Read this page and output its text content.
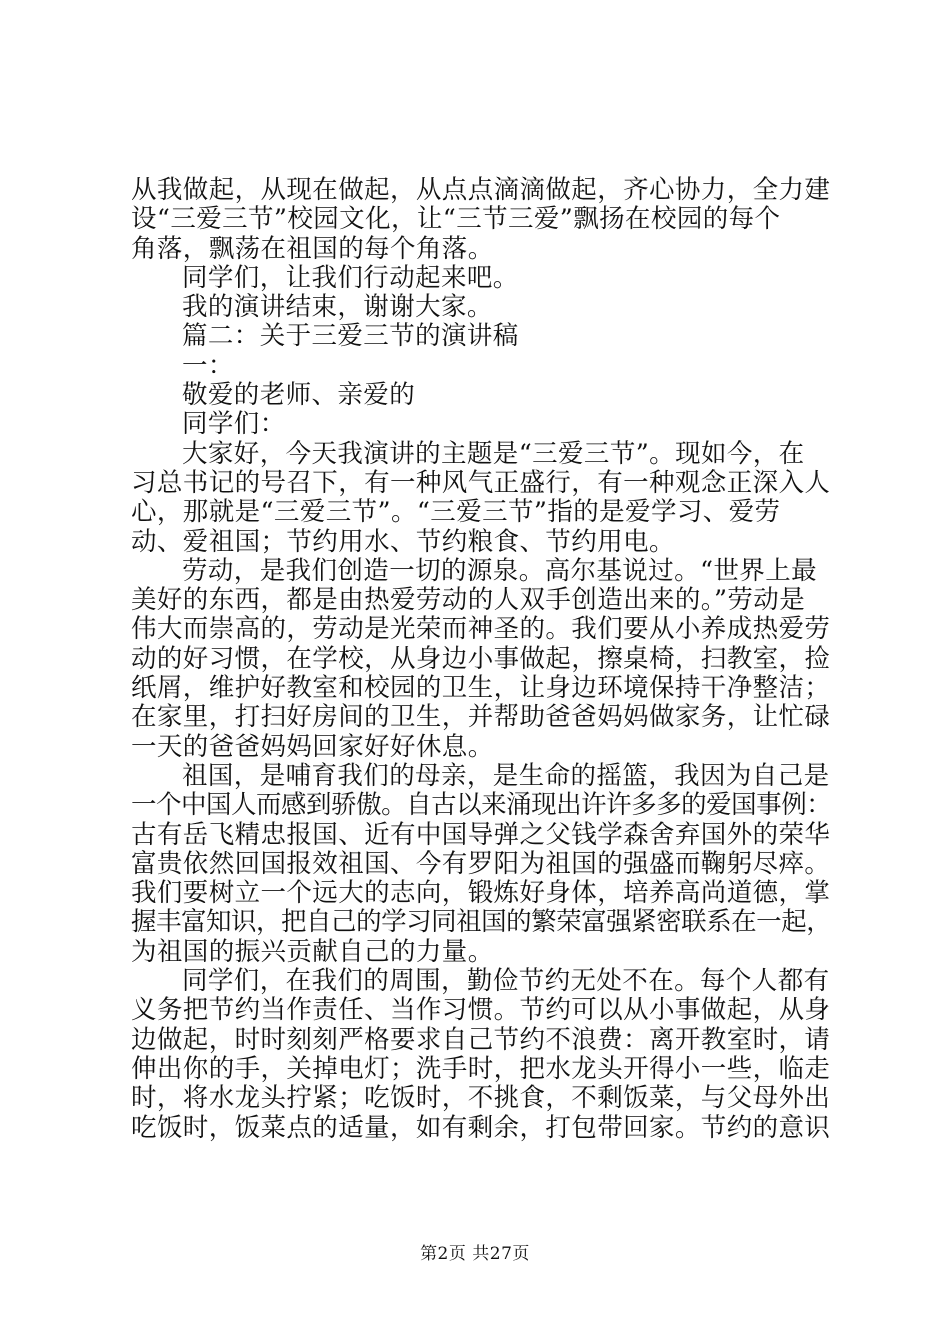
从我做起，从现在做起，从点点滴滴做起，齐心协力，全力建
设“三爱三节”校园文化，让“三节三爱”飘扬在校园的每个
角落，飘荡在祖国的每个角落。
同学们，让我们行动起来吧。
我的演讲结束，谢谢大家。
篇二：关于三爱三节的演讲稿
一：
敬爱的老师、亲爱的
同学们：
大家好，今天我演讲的主题是“三爱三节”。现如今，在
习总书记的号召下，有一种风气正盛行，有一种观念正深入人
心，那就是“三爱三节”。“三爱三节”指的是爱学习、爱劳
动、爱祖国；节约用水、节约粮食、节约用电。
劳动，是我们创造一切的源泉。高尔基说过。“世界上最
美好的东西，都是由热爱劳动的人双手创造出来的。”劳动是
伟大而崇高的，劳动是光荣而神圣的。我们要从小养成热爱劳
动的好习惯，在学校，从身边小事做起，擦桌椅，扫教室，捡
纸屑，维护好教室和校园的卫生，让身边环境保持干净整洁；
在家里，打扫好房间的卫生，并帮助爸爸妈妈做家务，让忙碌
一天的爸爸妈妈回家好好休息。
祖国，是哺育我们的母亲，是生命的摇篮，我因为自己是
一个中国人而感到骄傲。自古以来涌现出许许多多的爱国事例：
古有岳飞精忠报国、近有中国导弹之父钱学森舍弃国外的荣华
富贵依然回国报效祖国、今有罗阳为祖国的强盛而鞠躬尽瘁。
我们要树立一个远大的志向，锻炼好身体，培养高尚道德，掌
握丰富知识，把自己的学习同祖国的繁荣富强紧密联系在一起，
为祖国的振兴贡献自己的力量。
同学们，在我们的周围，勤俭节约无处不在。每个人都有
义务把节约当作责任、当作习惯。节约可以从小事做起，从身
边做起，时时刻刻严格要求自己节约不浪费：离开教室时，请
伸出你的手，关掉电灯；洗手时，把水龙头开得小一些，临走
时，将水龙头拧紧；吃饭时，不挑食，不剩饭菜，与父母外出
吃饭时，饭菜点的适量，如有剩余，打包带回家。节约的意识
第2页 共27页
